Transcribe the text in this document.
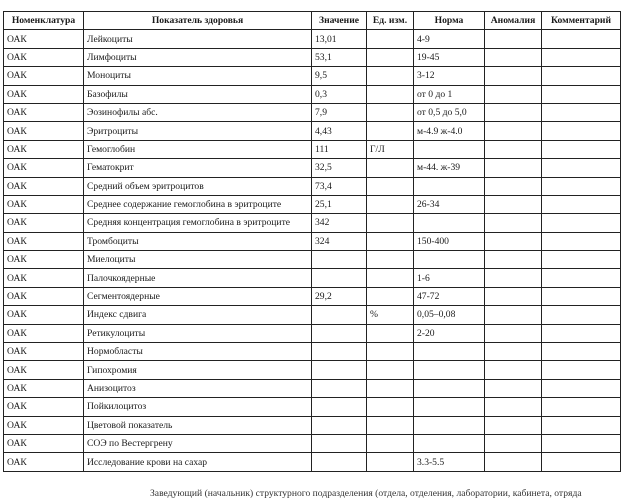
Номенклатура	Показатель здоровья	Значение	Ед. изм.	Норма	Аномалия	Комментарий
ОАК	Лейкоциты	13,01		4-9		
ОАК	Лимфоциты	53,1		19-45		
ОАК	Моноциты	9,5		3-12		
ОАК	Базофилы	0,3		от 0 до 1		
ОАК	Эозинофилы абс.	7,9		от 0,5 до 5,0		
ОАК	Эритроциты	4,43		м-4.9 ж-4.0		
ОАК	Гемоглобин	111	Г/Л			
ОАК	Гематокрит	32,5		м-44. ж-39		
ОАК	Средний объем эритроцитов	73,4				
ОАК	Среднее содержание гемоглобина в эритроците	25,1		26-34		
ОАК	Средняя концентрация гемоглобина в эритроците	342				
ОАК	Тромбоциты	324		150-400		
ОАК	Миелоциты					
ОАК	Палочкоядерные			1-6		
ОАК	Сегментоядерные	29,2		47-72		
ОАК	Индекс сдвига		%	0,05–0,08		
ОАК	Ретикулоциты			2-20		
ОАК	Нормобласты					
ОАК	Гипохромия					
ОАК	Анизоцитоз					
ОАК	Пойкилоцитоз					
ОАК	Цветовой показатель					
ОАК	СОЭ по Вестергрену					
ОАК	Исследование крови на сахар			3.3-5.5		
Заведующий (начальник) структурного подразделения (отдела, отделения, лаборатории, кабинета, отряда
